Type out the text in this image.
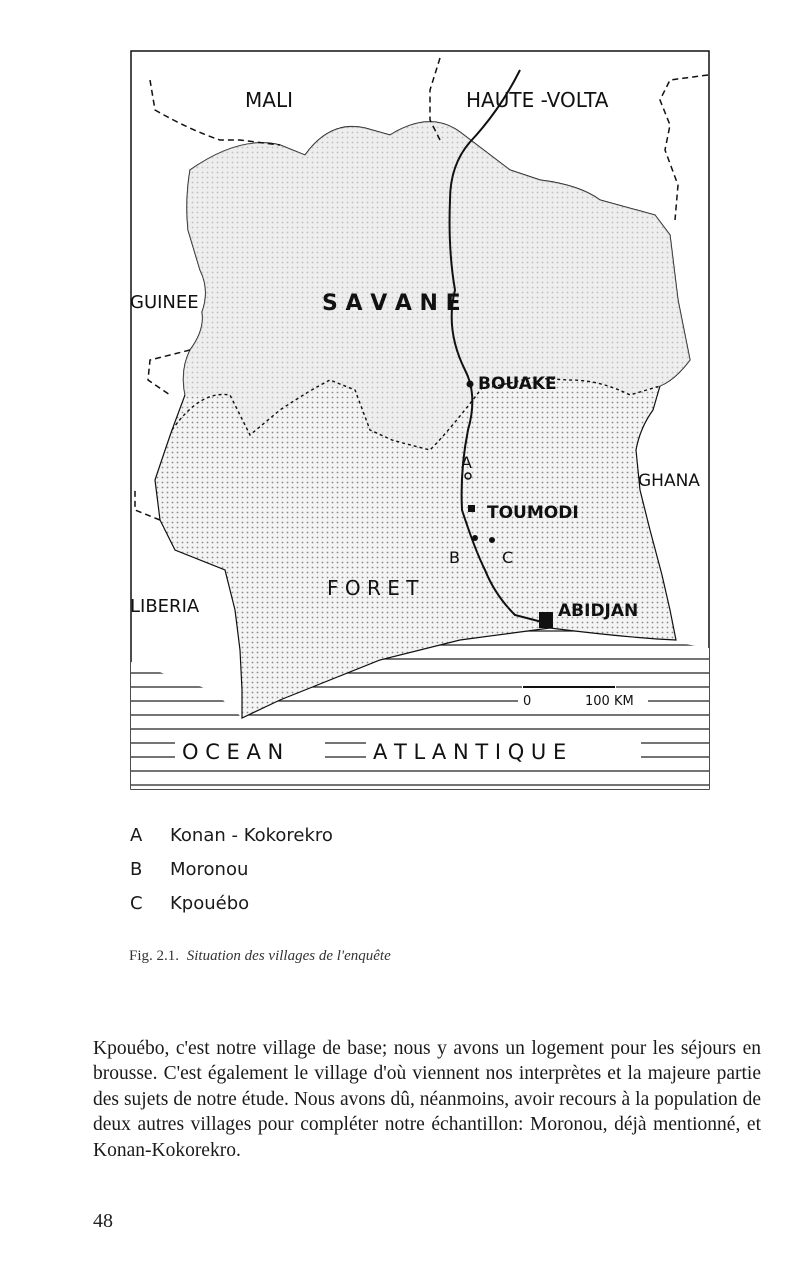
MALI	HAUTE -VOLTA
GUINEE
LIBERIA
GHANA
S A V A N E
F O R E T
BOUAKE
TOUMODI
ABIDJAN
A
B	C
0	100 KM
O C E A N	A T L A N T I Q U E
A	Konan - Kokorekro
B	Moronou
C	Kpouébo
Fig. 2.1. Situation des villages de l'enquête

Kpouébo, c'est notre village de base; nous y avons un logement pour les séjours en brousse. C'est également le village d'où viennent nos interprètes et la majeure partie des sujets de notre étude. Nous avons dû, néanmoins, avoir recours à la population de deux autres villages pour compléter notre échantillon: Moronou, déjà mentionné, et Konan-Kokorekro.

48
